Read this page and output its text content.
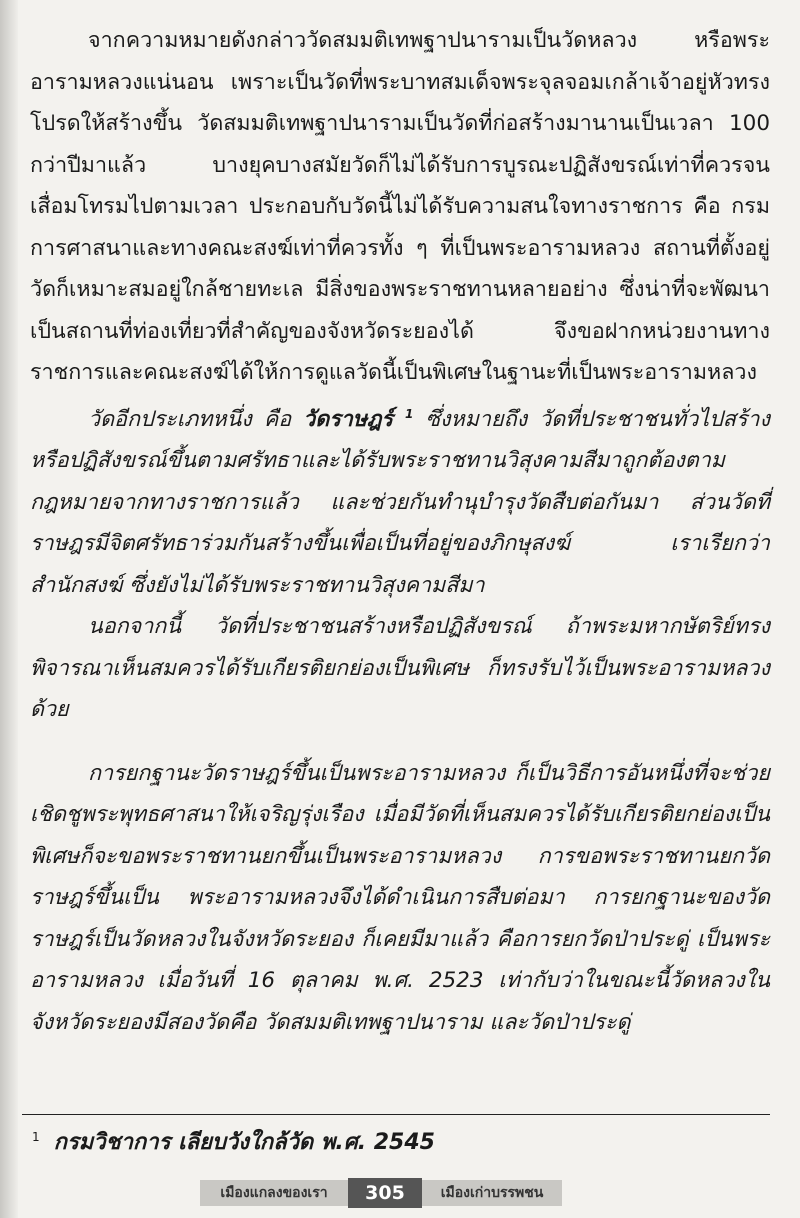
จากความหมายดังกล่าววัดสมมติเทพฐาปนารามเป็นวัดหลวง หรือพระอารามหลวงแน่นอน เพราะเป็นวัดที่พระบาทสมเด็จพระจุลจอมเกล้าเจ้าอยู่หัวทรงโปรดให้สร้างขึ้น วัดสมมติเทพฐาปนารามเป็นวัดที่ก่อสร้างมานานเป็นเวลา 100 กว่าปีมาแล้ว บางยุคบางสมัยวัดก็ไม่ได้รับการบูรณะปฏิสังขรณ์เท่าที่ควรจนเสื่อมโทรมไปตามเวลา ประกอบกับวัดนี้ไม่ได้รับความสนใจทางราชการ คือ กรมการศาสนาและทางคณะสงฆ์เท่าที่ควรทั้ง ๆ ที่เป็นพระอารามหลวง สถานที่ตั้งอยู่วัดก็เหมาะสมอยู่ใกล้ชายทะเล มีสิ่งของพระราชทานหลายอย่าง ซึ่งน่าที่จะพัฒนาเป็นสถานที่ท่องเที่ยวที่สำคัญของจังหวัดระยองได้ จึงขอฝากหน่วยงานทางราชการและคณะสงฆ์ได้ให้การดูแลวัดนี้เป็นพิเศษในฐานะที่เป็นพระอารามหลวง

วัดอีกประเภทหนึ่ง คือ วัดราษฎร์ $^1$ ซึ่งหมายถึง วัดที่ประชาชนทั่วไปสร้างหรือปฏิสังขรณ์ขึ้นตามศรัทธาและได้รับพระราชทานวิสุงคามสีมาถูกต้องตามกฎหมายจากทางราชการแล้ว และช่วยกันทำนุบำรุงวัดสืบต่อกันมา ส่วนวัดที่ราษฎรมีจิตศรัทธาร่วมกันสร้างขึ้นเพื่อเป็นที่อยู่ของภิกษุสงฆ์ เราเรียกว่า สำนักสงฆ์ ซึ่งยังไม่ได้รับพระราชทานวิสุงคามสีมา

นอกจากนี้ วัดที่ประชาชนสร้างหรือปฏิสังขรณ์ ถ้าพระมหากษัตริย์ทรงพิจารณาเห็นสมควรได้รับเกียรติยกย่องเป็นพิเศษ ก็ทรงรับไว้เป็นพระอารามหลวงด้วย

การยกฐานะวัดราษฎร์ขึ้นเป็นพระอารามหลวง ก็เป็นวิธีการอันหนึ่งที่จะช่วยเชิดชูพระพุทธศาสนาให้เจริญรุ่งเรือง เมื่อมีวัดที่เห็นสมควรได้รับเกียรติยกย่องเป็นพิเศษก็จะขอพระราชทานยกขึ้นเป็นพระอารามหลวง การขอพระราชทานยกวัดราษฎร์ขึ้นเป็น พระอารามหลวงจึงได้ดำเนินการสืบต่อมา การยกฐานะของวัดราษฎร์เป็นวัดหลวงในจังหวัดระยอง ก็เคยมีมาแล้ว คือการยกวัดป่าประดู่ เป็นพระอารามหลวง เมื่อวันที่ 16 ตุลาคม พ.ศ. 2523 เท่ากับว่าในขณะนี้วัดหลวงในจังหวัดระยองมีสองวัดคือ วัดสมมติเทพฐาปนาราม และวัดป่าประดู่

$^1$ กรมวิชาการ เลียบวังใกล้วัด พ.ศ. 2545
เมืองแกลงของเรา	305	เมืองเก่าบรรพชน
